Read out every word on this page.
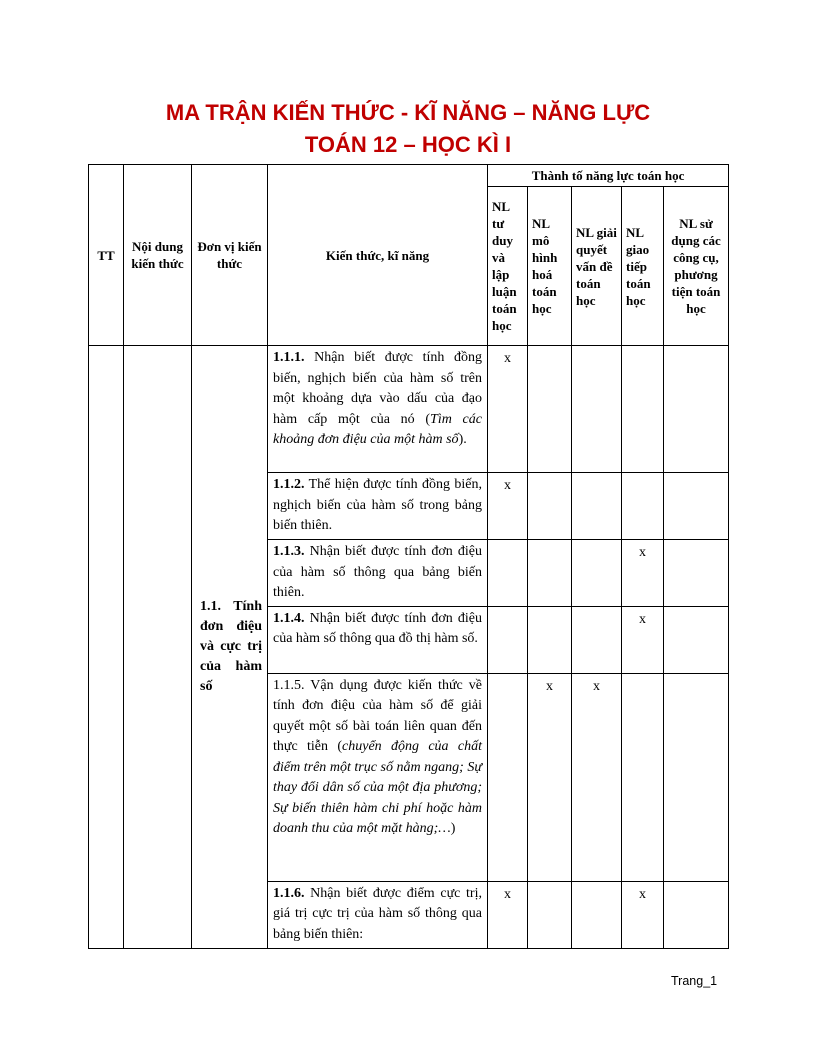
MA TRẬN KIẾN THỨC - KĨ NĂNG – NĂNG LỰC
TOÁN 12 – HỌC KÌ I
TT	Nội dung kiến thức	Đơn vị kiến thức	Kiến thức, kĩ năng	Thành tố năng lực toán học				
				NL tư duy và lập luận toán học	NL mô hình hoá toán học	NL giải quyết vấn đề toán học	NL giao tiếp toán học	NL sử dụng các công cụ, phương tiện toán học
		1.1. Tính đơn điệu và cực trị của hàm số	1.1.1. Nhận biết được tính đồng biến, nghịch biến của hàm số trên một khoảng dựa vào dấu của đạo hàm cấp một của nó (Tìm các khoảng đơn điệu của một hàm số).	x				
			1.1.2. Thể hiện được tính đồng biến, nghịch biến của hàm số trong bảng biến thiên.	x				
			1.1.3. Nhận biết được tính đơn điệu của hàm số thông qua bảng biến thiên.				x	
			1.1.4. Nhận biết được tính đơn điệu của hàm số thông qua đồ thị hàm số.				x	
			1.1.5. Vận dụng được kiến thức về tính đơn điệu của hàm số để giải quyết một số bài toán liên quan đến thực tiễn (chuyển động của chất điểm trên một trục số nằm ngang; Sự thay đổi dân số của một địa phương; Sự biến thiên hàm chi phí hoặc hàm doanh thu của một mặt hàng;…)		x	x		
			1.1.6. Nhận biết được điểm cực trị, giá trị cực trị của hàm số thông qua bảng biến thiên:	x			x	
Trang_1
